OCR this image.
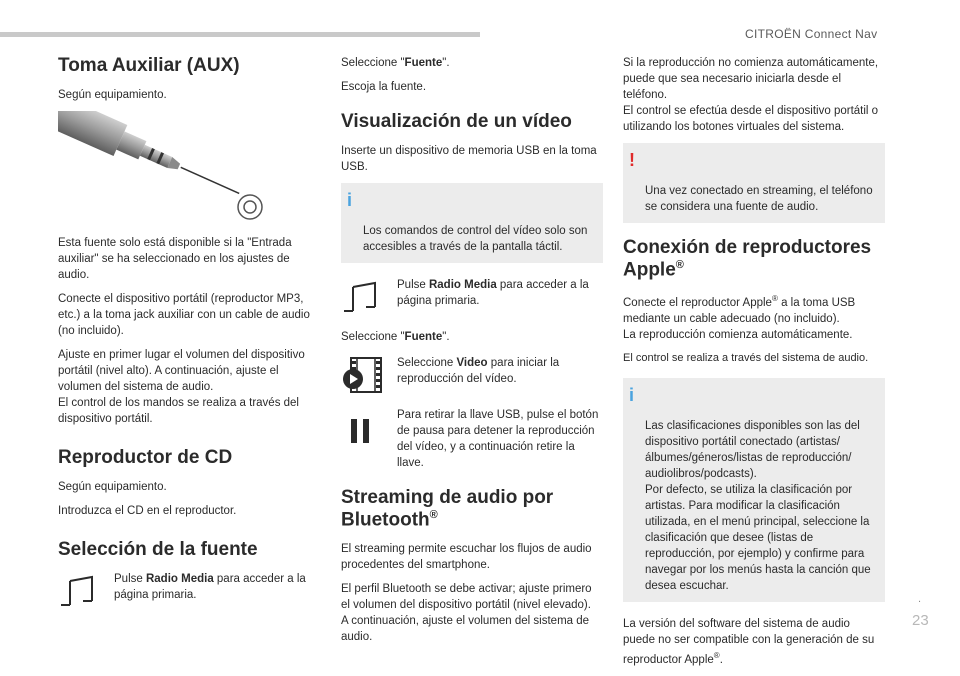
CITROËN Connect Nav
Toma Auxiliar (AUX)

Según equipamiento.

Esta fuente solo está disponible si la "Entrada auxiliar" se ha seleccionado en los ajustes de audio.

Conecte el dispositivo portátil (reproductor MP3, etc.) a la toma jack auxiliar con un cable de audio (no incluido).

Ajuste en primer lugar el volumen del dispositivo portátil (nivel alto). A continuación, ajuste el volumen del sistema de audio.
El control de los mandos se realiza a través del dispositivo portátil.

Reproductor de CD

Según equipamiento.

Introduzca el CD en el reproductor.

Selección de la fuente

Pulse Radio Media para acceder a la página primaria.

Seleccione "Fuente".

Escoja la fuente.

Visualización de un vídeo

Inserte un dispositivo de memoria USB en la toma USB.

i

Los comandos de control del vídeo solo son accesibles a través de la pantalla táctil.

Pulse Radio Media para acceder a la página primaria.

Seleccione "Fuente".

Seleccione Video para iniciar la reproducción del vídeo.

Para retirar la llave USB, pulse el botón de pausa para detener la reproducción del vídeo, y a continuación retire la llave.

Streaming de audio por Bluetooth®

El streaming permite escuchar los flujos de audio procedentes del smartphone.

El perfil Bluetooth se debe activar; ajuste primero el volumen del dispositivo portátil (nivel elevado).
A continuación, ajuste el volumen del sistema de audio.

Si la reproducción no comienza automáticamente, puede que sea necesario iniciarla desde el teléfono.
El control se efectúa desde el dispositivo portátil o utilizando los botones virtuales del sistema.

!

Una vez conectado en streaming, el teléfono se considera una fuente de audio.

Conexión de reproductores Apple®

Conecte el reproductor Apple® a la toma USB mediante un cable adecuado (no incluido).
La reproducción comienza automáticamente.

El control se realiza a través del sistema de audio.

i

Las clasificaciones disponibles son las del dispositivo portátil conectado (artistas/ álbumes/géneros/listas de reproducción/ audiolibros/podcasts).
Por defecto, se utiliza la clasificación por artistas. Para modificar la clasificación utilizada, en el menú principal, seleccione la clasificación que desee (listas de reproducción, por ejemplo) y confirme para navegar por los menús hasta la canción que desea escuchar.

La versión del software del sistema de audio puede no ser compatible con la generación de su reproductor Apple®.

.
23
